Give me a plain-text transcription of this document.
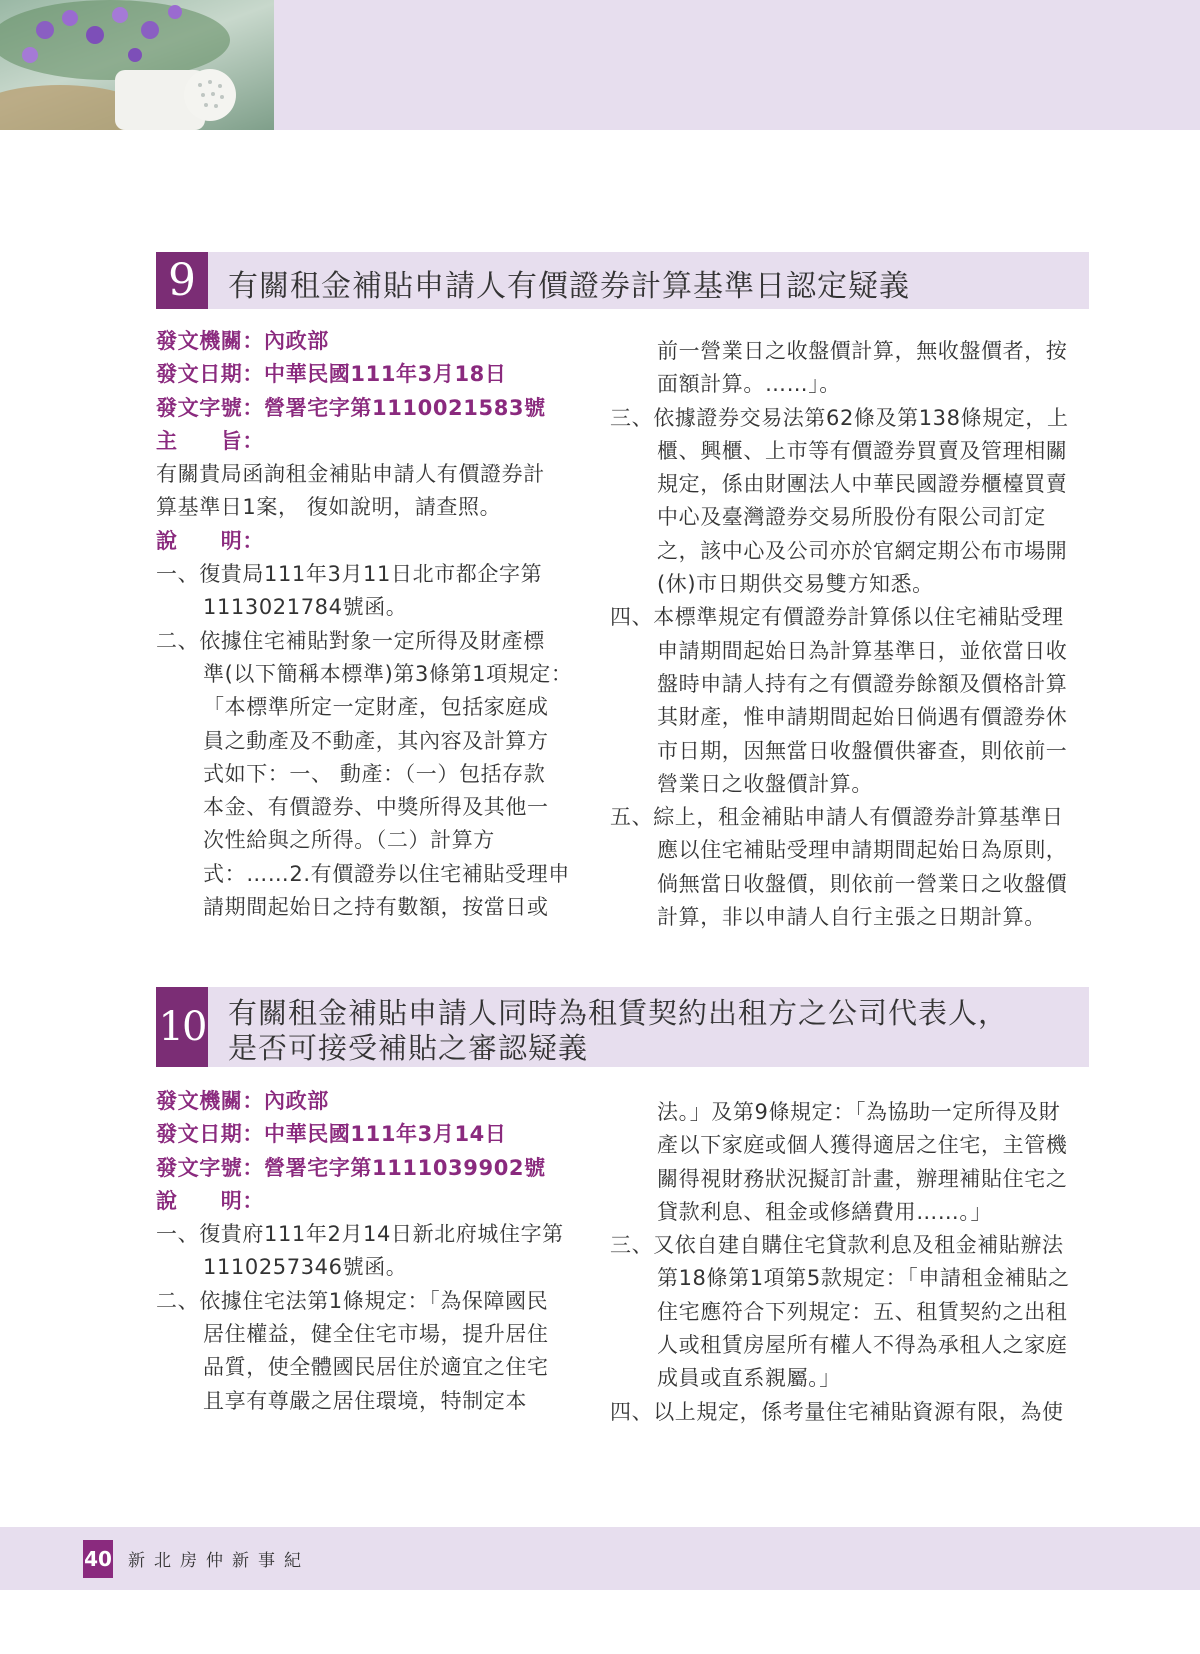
9	有關租金補貼申請人有價證券計算基準日認定疑義
發文機關：內政部
發文日期：中華民國111年3月18日
發文字號：營署宅字第1110021583號
主　　旨：
有關貴局函詢租金補貼申請人有價證券計
算基準日1案， 復如說明，請查照。
說　　明：
一、復貴局111年3月11日北市都企字第
1113021784號函。
二、依據住宅補貼對象一定所得及財產標
準(以下簡稱本標準)第3條第1項規定：
「本標準所定一定財產，包括家庭成
員之動產及不動產，其內容及計算方
式如下：一、 動產：（一）包括存款
本金、有價證券、中獎所得及其他一
次性給與之所得。（二）計算方
式：……2.有價證券以住宅補貼受理申
請期間起始日之持有數額，按當日或
前一營業日之收盤價計算，無收盤價者，按
面額計算。……」。
三、依據證券交易法第62條及第138條規定，上
櫃、興櫃、上市等有價證券買賣及管理相關
規定，係由財團法人中華民國證券櫃檯買賣
中心及臺灣證券交易所股份有限公司訂定
之，該中心及公司亦於官網定期公布市場開
(休)市日期供交易雙方知悉。
四、本標準規定有價證券計算係以住宅補貼受理
申請期間起始日為計算基準日，並依當日收
盤時申請人持有之有價證券餘額及價格計算
其財產，惟申請期間起始日倘遇有價證券休
市日期，因無當日收盤價供審查，則依前一
營業日之收盤價計算。
五、綜上，租金補貼申請人有價證券計算基準日
應以住宅補貼受理申請期間起始日為原則，
倘無當日收盤價，則依前一營業日之收盤價
計算，非以申請人自行主張之日期計算。
10 有關租金補貼申請人同時為租賃契約出租方之公司代表人，
是否可接受補貼之審認疑義
發文機關：內政部
發文日期：中華民國111年3月14日
發文字號：營署宅字第1111039902號
說　　明：
一、復貴府111年2月14日新北府城住字第
1110257346號函。
二、依據住宅法第1條規定：「為保障國民
居住權益，健全住宅市場，提升居住
品質，使全體國民居住於適宜之住宅
且享有尊嚴之居住環境，特制定本
法。」及第9條規定：「為協助一定所得及財
產以下家庭或個人獲得適居之住宅，主管機
關得視財務狀況擬訂計畫，辦理補貼住宅之
貸款利息、租金或修繕費用……。」
三、又依自建自購住宅貸款利息及租金補貼辦法
第18條第1項第5款規定：「申請租金補貼之
住宅應符合下列規定：五、租賃契約之出租
人或租賃房屋所有權人不得為承租人之家庭
成員或直系親屬。」
四、以上規定，係考量住宅補貼資源有限，為使
40 新北房仲新事紀
